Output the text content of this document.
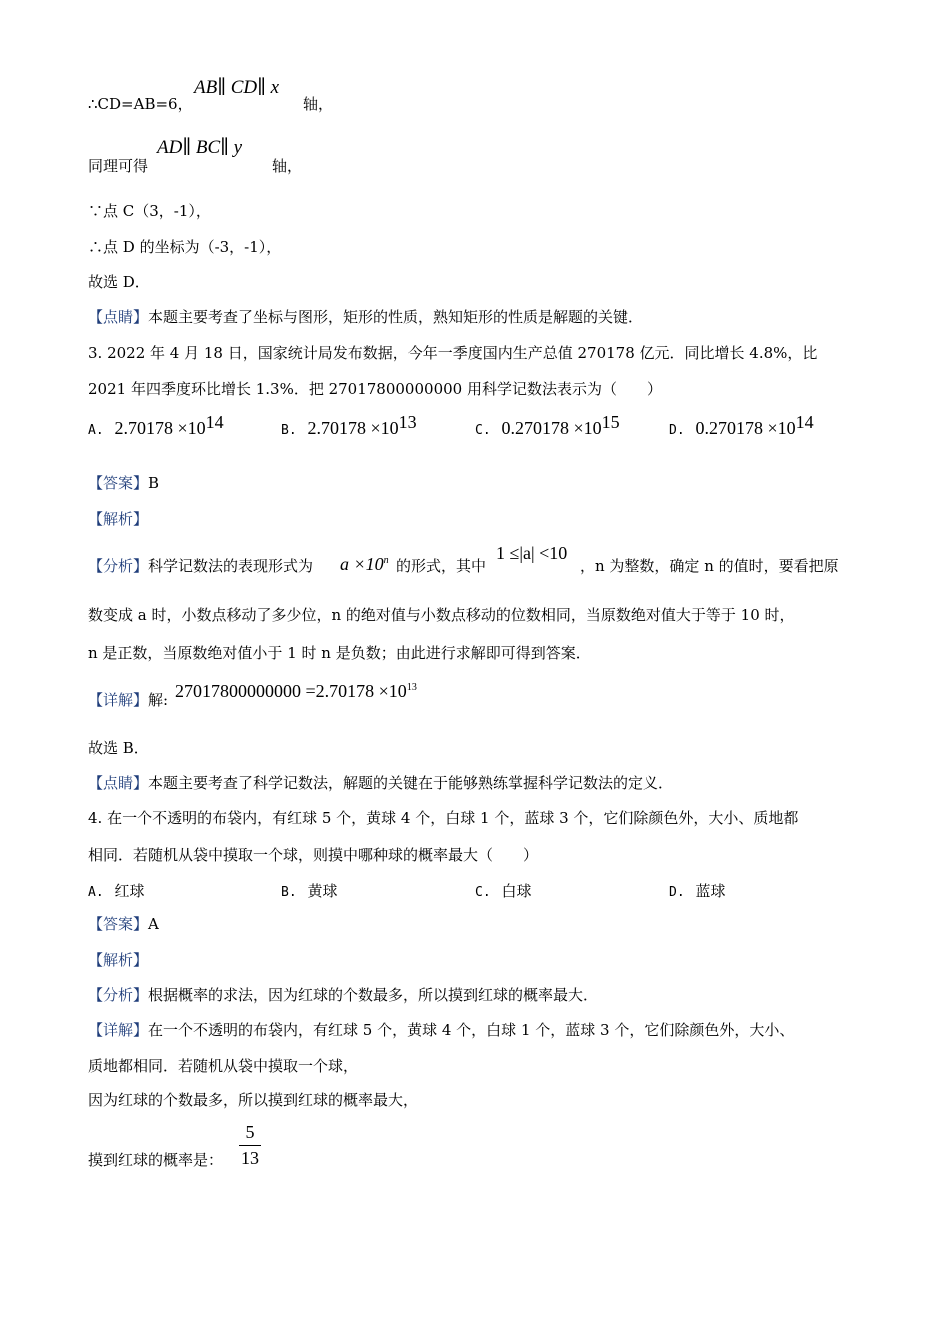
∴CD=AB=6，
AB∥ CD∥ x
轴，
同理可得
AD∥ BC∥ y
轴，
∵点 C（3，-1），
∴点 D 的坐标为（-3，-1），
故选 D．
【点睛】本题主要考查了坐标与图形，矩形的性质，熟知矩形的性质是解题的关键．
3. 2022 年 4 月 18 日，国家统计局发布数据，今年一季度国内生产总值 270178 亿元．同比增长 4.8%，比
2021 年四季度环比增长 1.3%．把 27017800000000 用科学记数法表示为（　　）
A. $2.70178 \times 10^{14}$	B. $2.70178 \times 10^{13}$	C. $0.270178 \times 10^{15}$	D. $0.270178 \times 10^{14}$
【答案】B
【解析】
【分析】科学记数法的表现形式为 $a \times 10^n$ 的形式，其中
1 ≤|a| <10
，n 为整数，确定 n 的值时，要看把原
数变成 a 时，小数点移动了多少位，n 的绝对值与小数点移动的位数相同，当原数绝对值大于等于 10 时，
n 是正数，当原数绝对值小于 1 时 n 是负数；由此进行求解即可得到答案．
【详解】解: $27017800000000 =2.70178 \times 10^{13}$
故选 B．
【点睛】本题主要考查了科学记数法，解题的关键在于能够熟练掌握科学记数法的定义．
4. 在一个不透明的布袋内，有红球 5 个，黄球 4 个，白球 1 个，蓝球 3 个，它们除颜色外，大小、质地都
相同．若随机从袋中摸取一个球，则摸中哪种球的概率最大（　　）
A. 红球	B. 黄球	C. 白球	D. 蓝球
【答案】A
【解析】
【分析】根据概率的求法，因为红球的个数最多，所以摸到红球的概率最大．
【详解】在一个不透明的布袋内，有红球 5 个，黄球 4 个，白球 1 个，蓝球 3 个，它们除颜色外，大小、
质地都相同．若随机从袋中摸取一个球，
因为红球的个数最多，所以摸到红球的概率最大，
摸到红球的概率是：
5
13
